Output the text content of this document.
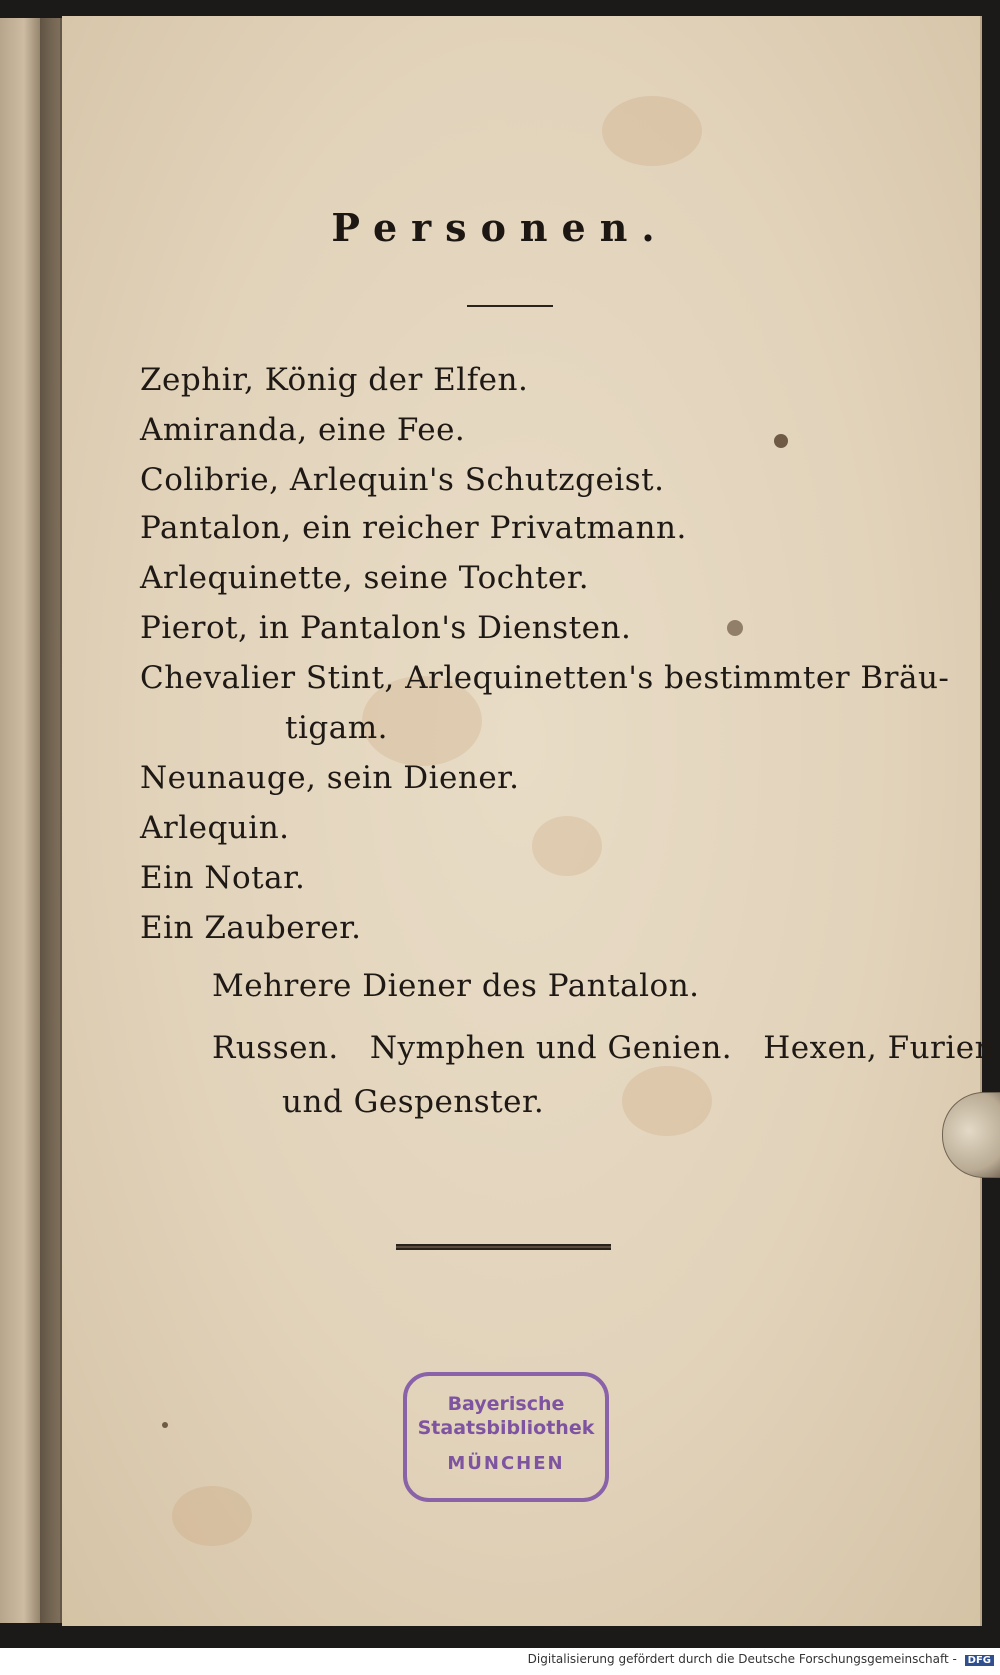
Personen.
Zephir, König der Elfen.
Amiranda, eine Fee.
Colibrie, Arlequin's Schutzgeist.
Pantalon, ein reicher Privatmann.
Arlequinette, seine Tochter.
Pierot, in Pantalon's Diensten.
Chevalier Stint, Arlequinetten's bestimmter Bräu-
tigam.
Neunauge, sein Diener.
Arlequin.
Ein Notar.
Ein Zauberer.
Mehrere Diener des Pantalon.
Russen.   Nymphen und Genien.   Hexen, Furien
und Gespenster.
Bayerische
Staatsbibliothek
MÜNCHEN
Digitalisierung gefördert durch die Deutsche Forschungsgemeinschaft - DFG
